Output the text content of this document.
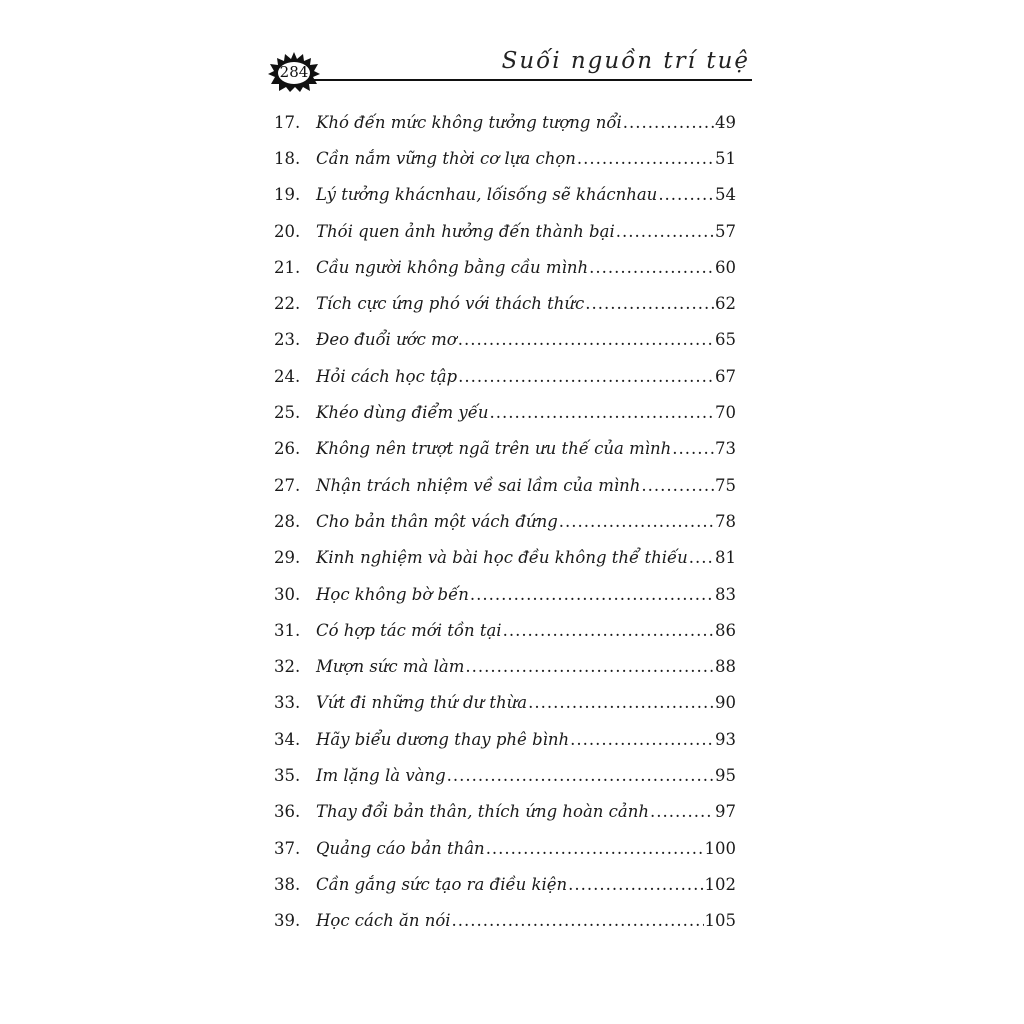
284	Suối nguồn trí tuệ
17. Khó đến mức không tưởng tượng nổi .....	49
18. Cần nắm vững thời cơ lựa chọn .....	51
19. Lý tưởng khácnhau, lốisống sẽ khácnhau .....	54
20. Thói quen ảnh hưởng đến thành bại .....	57
21. Cầu người không bằng cầu mình .....	60
22. Tích cực ứng phó với thách thức .....	62
23. Đeo đuổi ước mơ .....	65
24. Hỏi cách học tập .....	67
25. Khéo dùng điểm yếu .....	70
26. Không nên trượt ngã trên ưu thế của mình .....	73
27. Nhận trách nhiệm về sai lầm của mình .....	75
28. Cho bản thân một vách đứng .....	78
29. Kinh nghiệm và bài học đều không thể thiếu ..... 81
30. Học không bờ bến .....	83
31. Có hợp tác mới tồn tại .....	86
32. Mượn sức mà làm .....	88
33. Vứt đi những thứ dư thừa .....	90
34. Hãy biểu dương thay phê bình .....	93
35. Im lặng là vàng .....	95
36. Thay đổi bản thân, thích ứng hoàn cảnh .....	97
37. Quảng cáo bản thân .....	100
38. Cần gắng sức tạo ra điều kiện .....	102
39. Học cách ăn nói .....	105
